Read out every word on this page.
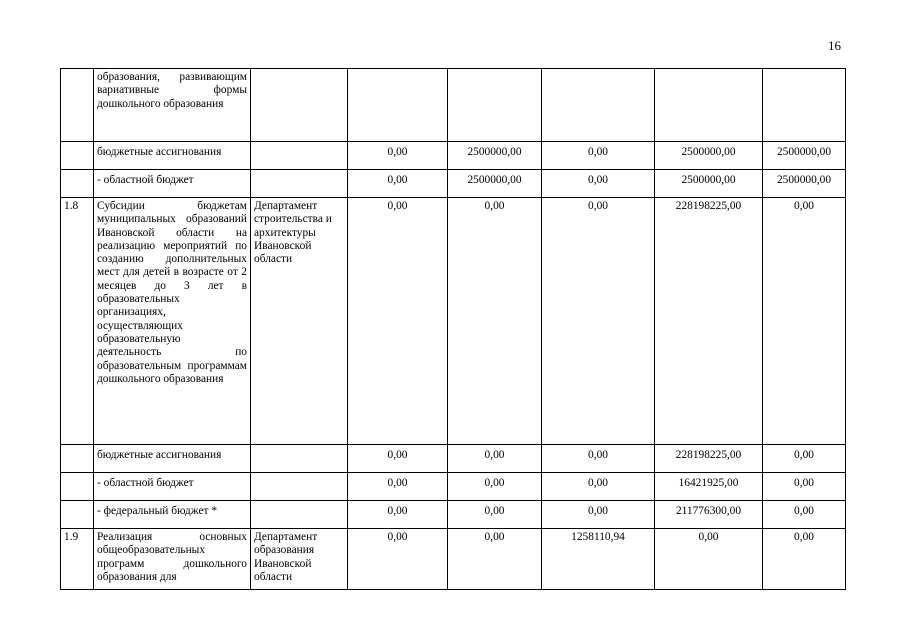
16
	образования, развивающим вариативные формы дошкольного образования						
	бюджетные ассигнования		0,00	2500000,00	0,00	2500000,00	2500000,00
	- областной бюджет		0,00	2500000,00	0,00	2500000,00	2500000,00
1.8	Субсидии бюджетам муниципальных образований Ивановской области на реализацию мероприятий по созданию дополнительных мест для детей в возрасте от 2 месяцев до 3 лет в образовательных организациях, осуществляющих образовательную деятельность по образовательным программам дошкольного образования	Департамент строительства и архитектуры Ивановской области	0,00	0,00	0,00	228198225,00	0,00
	бюджетные ассигнования		0,00	0,00	0,00	228198225,00	0,00
	- областной бюджет		0,00	0,00	0,00	16421925,00	0,00
	- федеральный бюджет *		0,00	0,00	0,00	211776300,00	0,00
1.9	Реализация основных общеобразовательных программ дошкольного образования для	Департамент образования Ивановской области	0,00	0,00	1258110,94	0,00	0,00
